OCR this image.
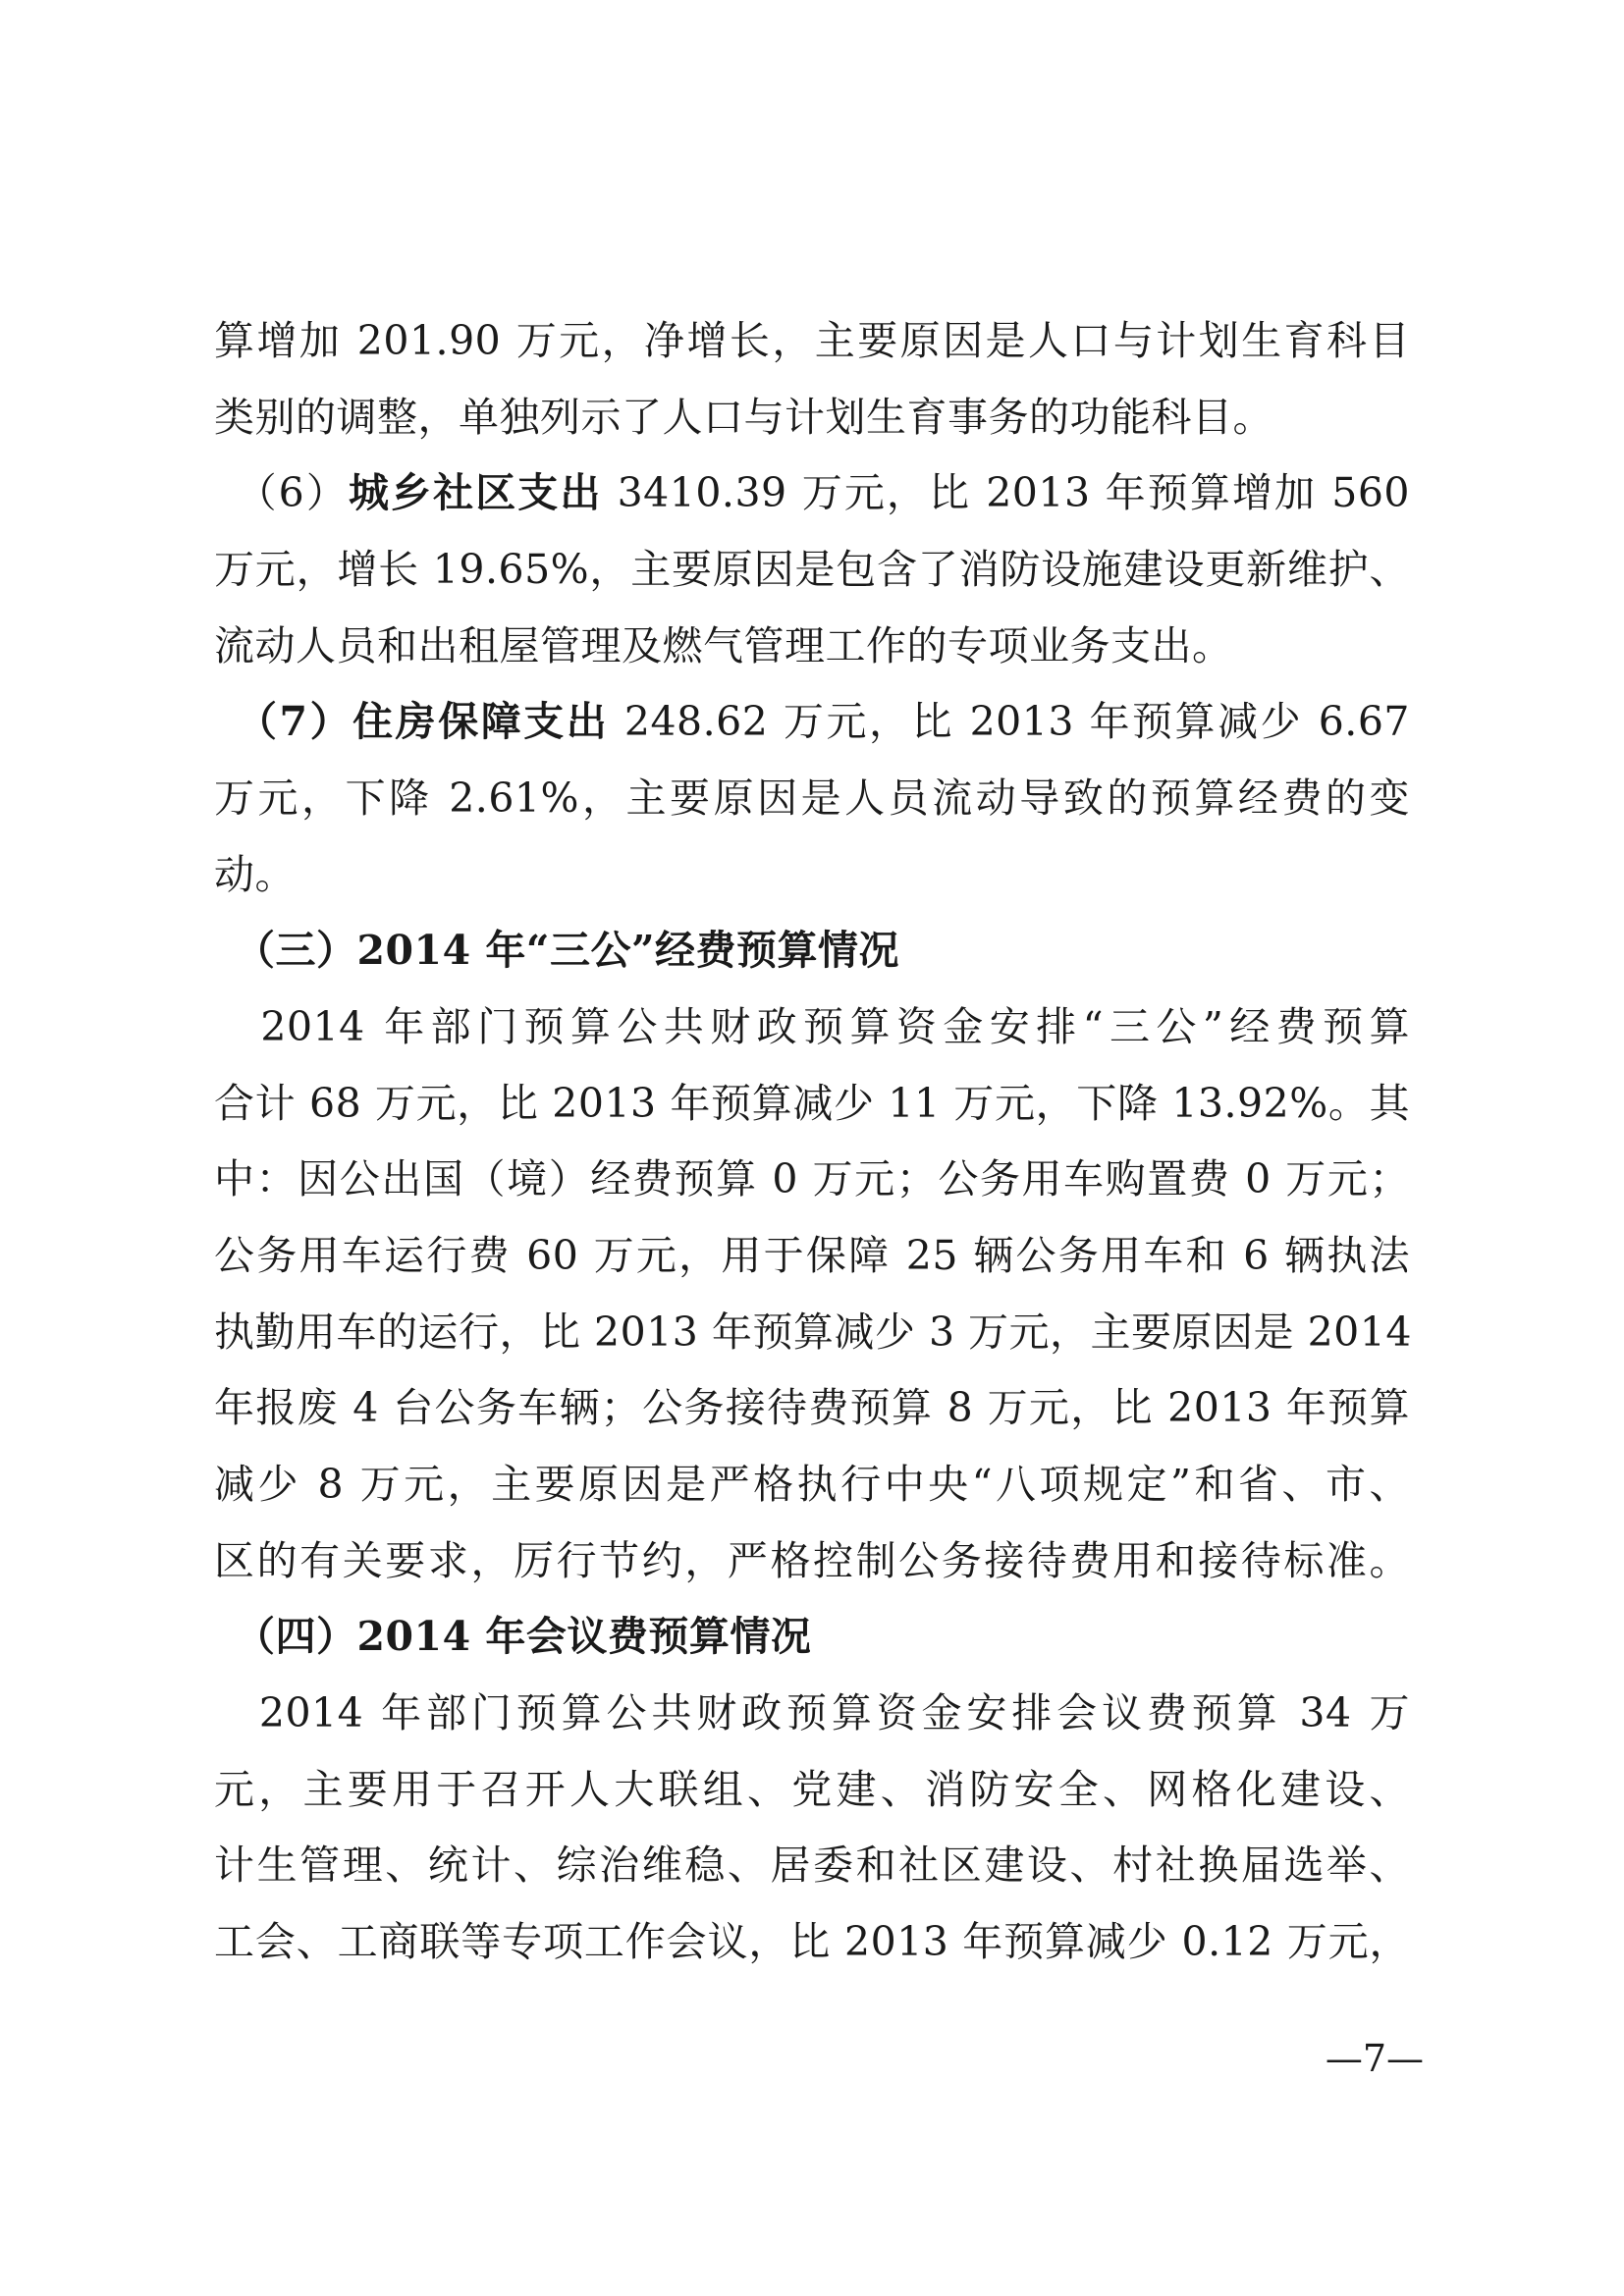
算增加 201.90 万元，净增长，主要原因是人口与计划生育科目
类别的调整，单独列示了人口与计划生育事务的功能科目。
　（6）城乡社区支出 3410.39 万元，比 2013 年预算增加 560
万元，增长 19.65%，主要原因是包含了消防设施建设更新维护、
流动人员和出租屋管理及燃气管理工作的专项业务支出。
　（7）住房保障支出 248.62 万元，比 2013 年预算减少 6.67
万元，下降 2.61%，主要原因是人员流动导致的预算经费的变
动。
　（三）2014 年“三公”经费预算情况
　2014 年部门预算公共财政预算资金安排“三公”经费预算
合计 68 万元，比 2013 年预算减少 11 万元，下降 13.92%。其
中：因公出国（境）经费预算 0 万元；公务用车购置费 0 万元；
公务用车运行费 60 万元，用于保障 25 辆公务用车和 6 辆执法
执勤用车的运行，比 2013 年预算减少 3 万元，主要原因是 2014
年报废 4 台公务车辆；公务接待费预算 8 万元，比 2013 年预算
减少 8 万元，主要原因是严格执行中央“八项规定”和省、市、
区的有关要求，厉行节约，严格控制公务接待费用和接待标准。
　（四）2014 年会议费预算情况
　2014 年部门预算公共财政预算资金安排会议费预算 34 万
元，主要用于召开人大联组、党建、消防安全、网格化建设、
计生管理、统计、综治维稳、居委和社区建设、村社换届选举、
工会、工商联等专项工作会议，比 2013 年预算减少 0.12 万元，
—7—
